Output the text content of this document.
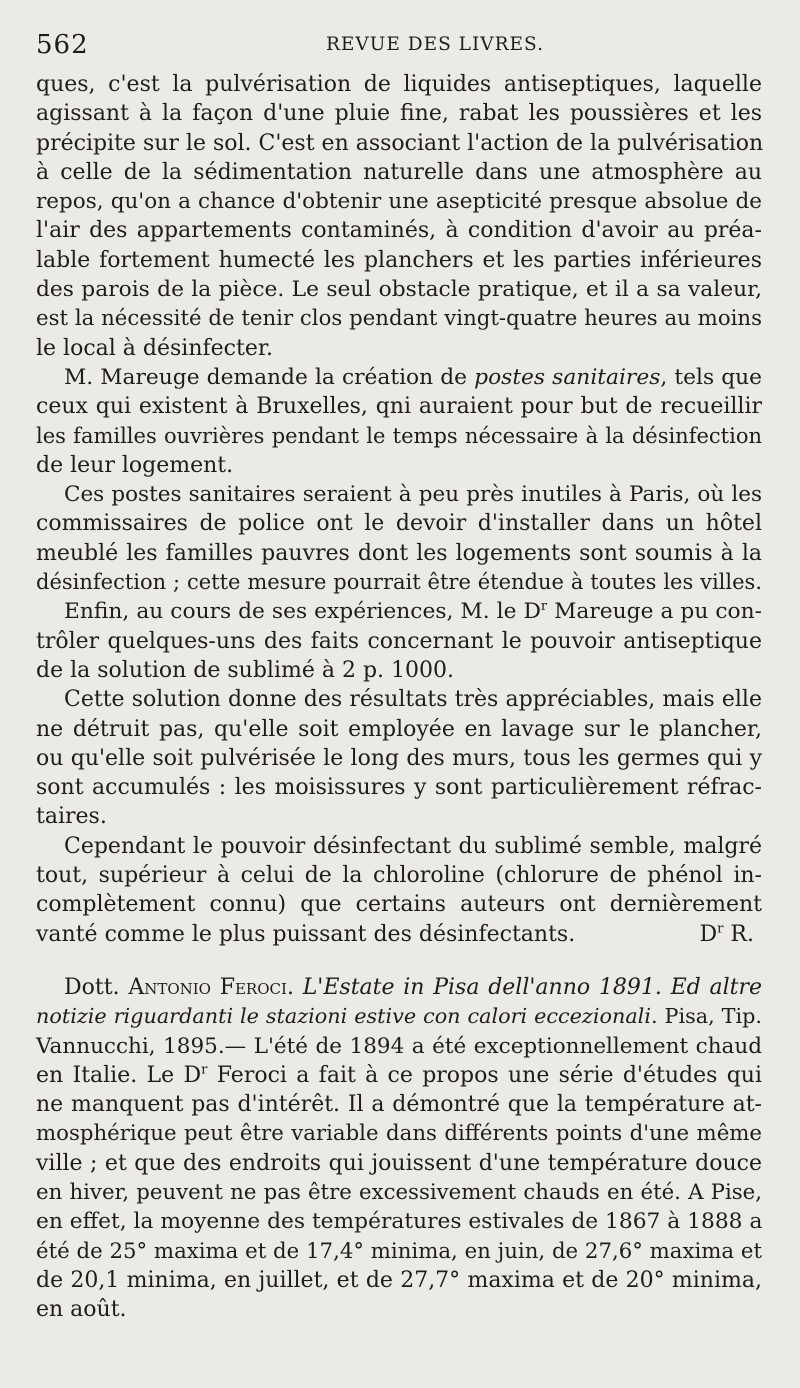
562	REVUE DES LIVRES.
ques, c'est la pulvérisation de liquides antiseptiques, laquelle
agissant à la façon d'une pluie fine, rabat les poussières et les
précipite sur le sol. C'est en associant l'action de la pulvérisation
à celle de la sédimentation naturelle dans une atmosphère au
repos, qu'on a chance d'obtenir une asepticité presque absolue de
l'air des appartements contaminés, à condition d'avoir au préa-
lable fortement humecté les planchers et les parties inférieures
des parois de la pièce. Le seul obstacle pratique, et il a sa valeur,
est la nécessité de tenir clos pendant vingt-quatre heures au moins
le local à désinfecter.
M. Mareuge demande la création de postes sanitaires, tels que
ceux qui existent à Bruxelles, qni auraient pour but de recueillir
les familles ouvrières pendant le temps nécessaire à la désinfection
de leur logement.
Ces postes sanitaires seraient à peu près inutiles à Paris, où les
commissaires de police ont le devoir d'installer dans un hôtel
meublé les familles pauvres dont les logements sont soumis à la
désinfection ; cette mesure pourrait être étendue à toutes les villes.
Enfin, au cours de ses expériences, M. le $D^r$ Mareuge a pu con-
trôler quelques-uns des faits concernant le pouvoir antiseptique
de la solution de sublimé à 2 p. 1000.
Cette solution donne des résultats très appréciables, mais elle
ne détruit pas, qu'elle soit employée en lavage sur le plancher,
ou qu'elle soit pulvérisée le long des murs, tous les germes qui y
sont accumulés : les moisissures y sont particulièrement réfrac-
taires.
Cependant le pouvoir désinfectant du sublimé semble, malgré
tout, supérieur à celui de la chloroline (chlorure de phénol in-
complètement connu) que certains auteurs ont dernièrement
vanté comme le plus puissant des désinfectants.	$D^r$ R.
Dott. Antonio Feroci. L'Estate in Pisa dell'anno 1891. Ed altre
notizie riguardanti le stazioni estive con calori eccezionali. Pisa, Tip.
Vannucchi, 1895.— L'été de 1894 a été exceptionnellement chaud
en Italie. Le $D^r$ Feroci a fait à ce propos une série d'études qui
ne manquent pas d'intérêt. Il a démontré que la température at-
mosphérique peut être variable dans différents points d'une même
ville ; et que des endroits qui jouissent d'une température douce
en hiver, peuvent ne pas être excessivement chauds en été. A Pise,
en effet, la moyenne des températures estivales de 1867 à 1888 a
été de 25° maxima et de 17,4° minima, en juin, de 27,6° maxima et
de 20,1 minima, en juillet, et de 27,7° maxima et de 20° minima,
en août.
